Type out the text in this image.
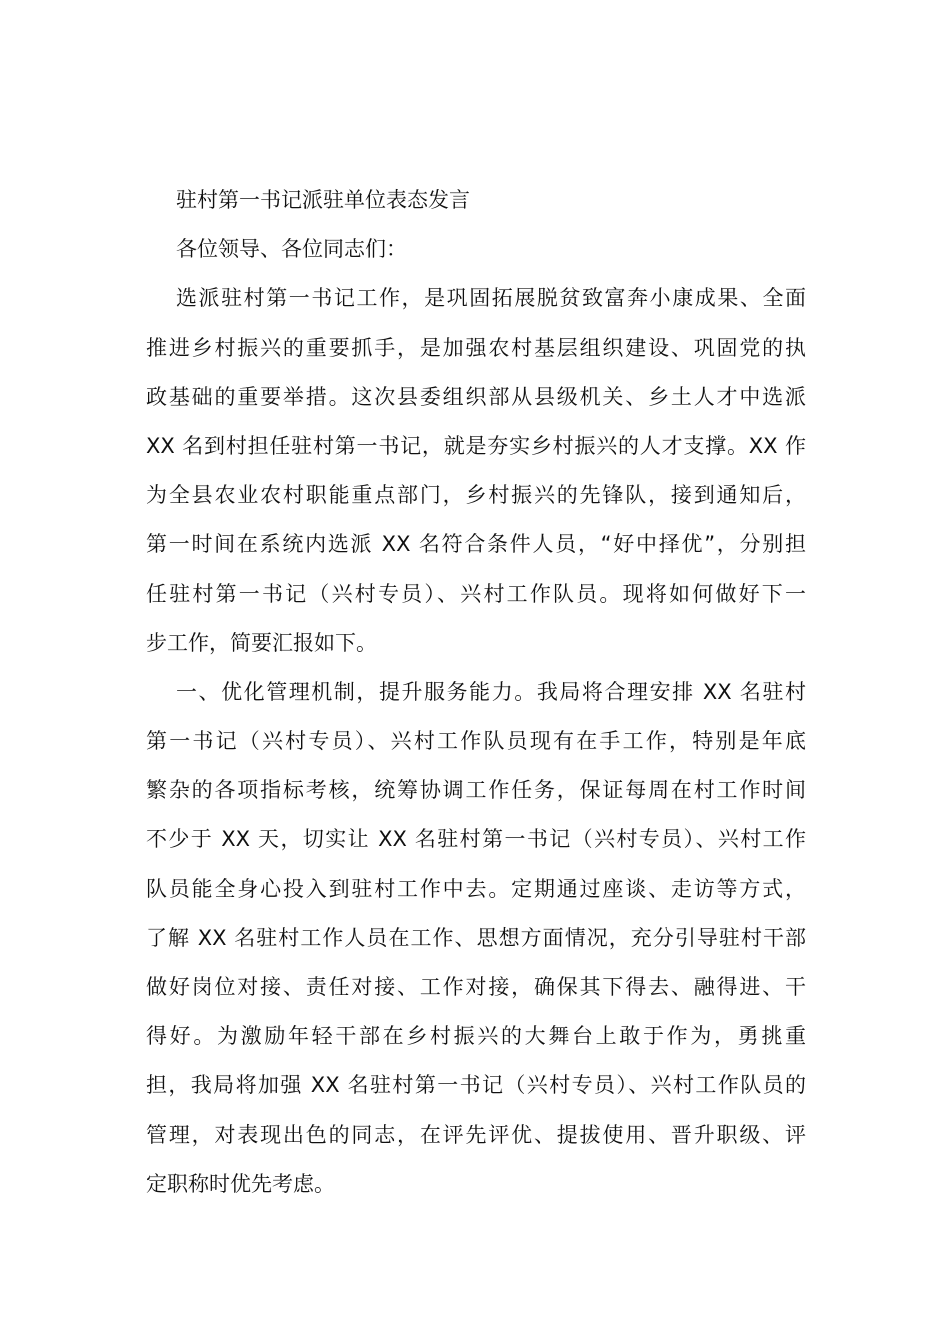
驻村第一书记派驻单位表态发言
各位领导、各位同志们：
选派驻村第一书记工作，是巩固拓展脱贫致富奔小康成果、全面
推进乡村振兴的重要抓手，是加强农村基层组织建设、巩固党的执
政基础的重要举措。这次县委组织部从县级机关、乡土人才中选派
XX 名到村担任驻村第一书记，就是夯实乡村振兴的人才支撑。XX 作
为全县农业农村职能重点部门，乡村振兴的先锋队，接到通知后，
第一时间在系统内选派 XX 名符合条件人员，“好中择优”，分别担
任驻村第一书记（兴村专员）、兴村工作队员。现将如何做好下一
步工作，简要汇报如下。
一、优化管理机制，提升服务能力。我局将合理安排 XX 名驻村
第一书记（兴村专员）、兴村工作队员现有在手工作，特别是年底
繁杂的各项指标考核，统筹协调工作任务，保证每周在村工作时间
不少于 XX 天，切实让 XX 名驻村第一书记（兴村专员）、兴村工作
队员能全身心投入到驻村工作中去。定期通过座谈、走访等方式，
了解 XX 名驻村工作人员在工作、思想方面情况，充分引导驻村干部
做好岗位对接、责任对接、工作对接，确保其下得去、融得进、干
得好。为激励年轻干部在乡村振兴的大舞台上敢于作为，勇挑重
担，我局将加强 XX 名驻村第一书记（兴村专员）、兴村工作队员的
管理，对表现出色的同志，在评先评优、提拔使用、晋升职级、评
定职称时优先考虑。
